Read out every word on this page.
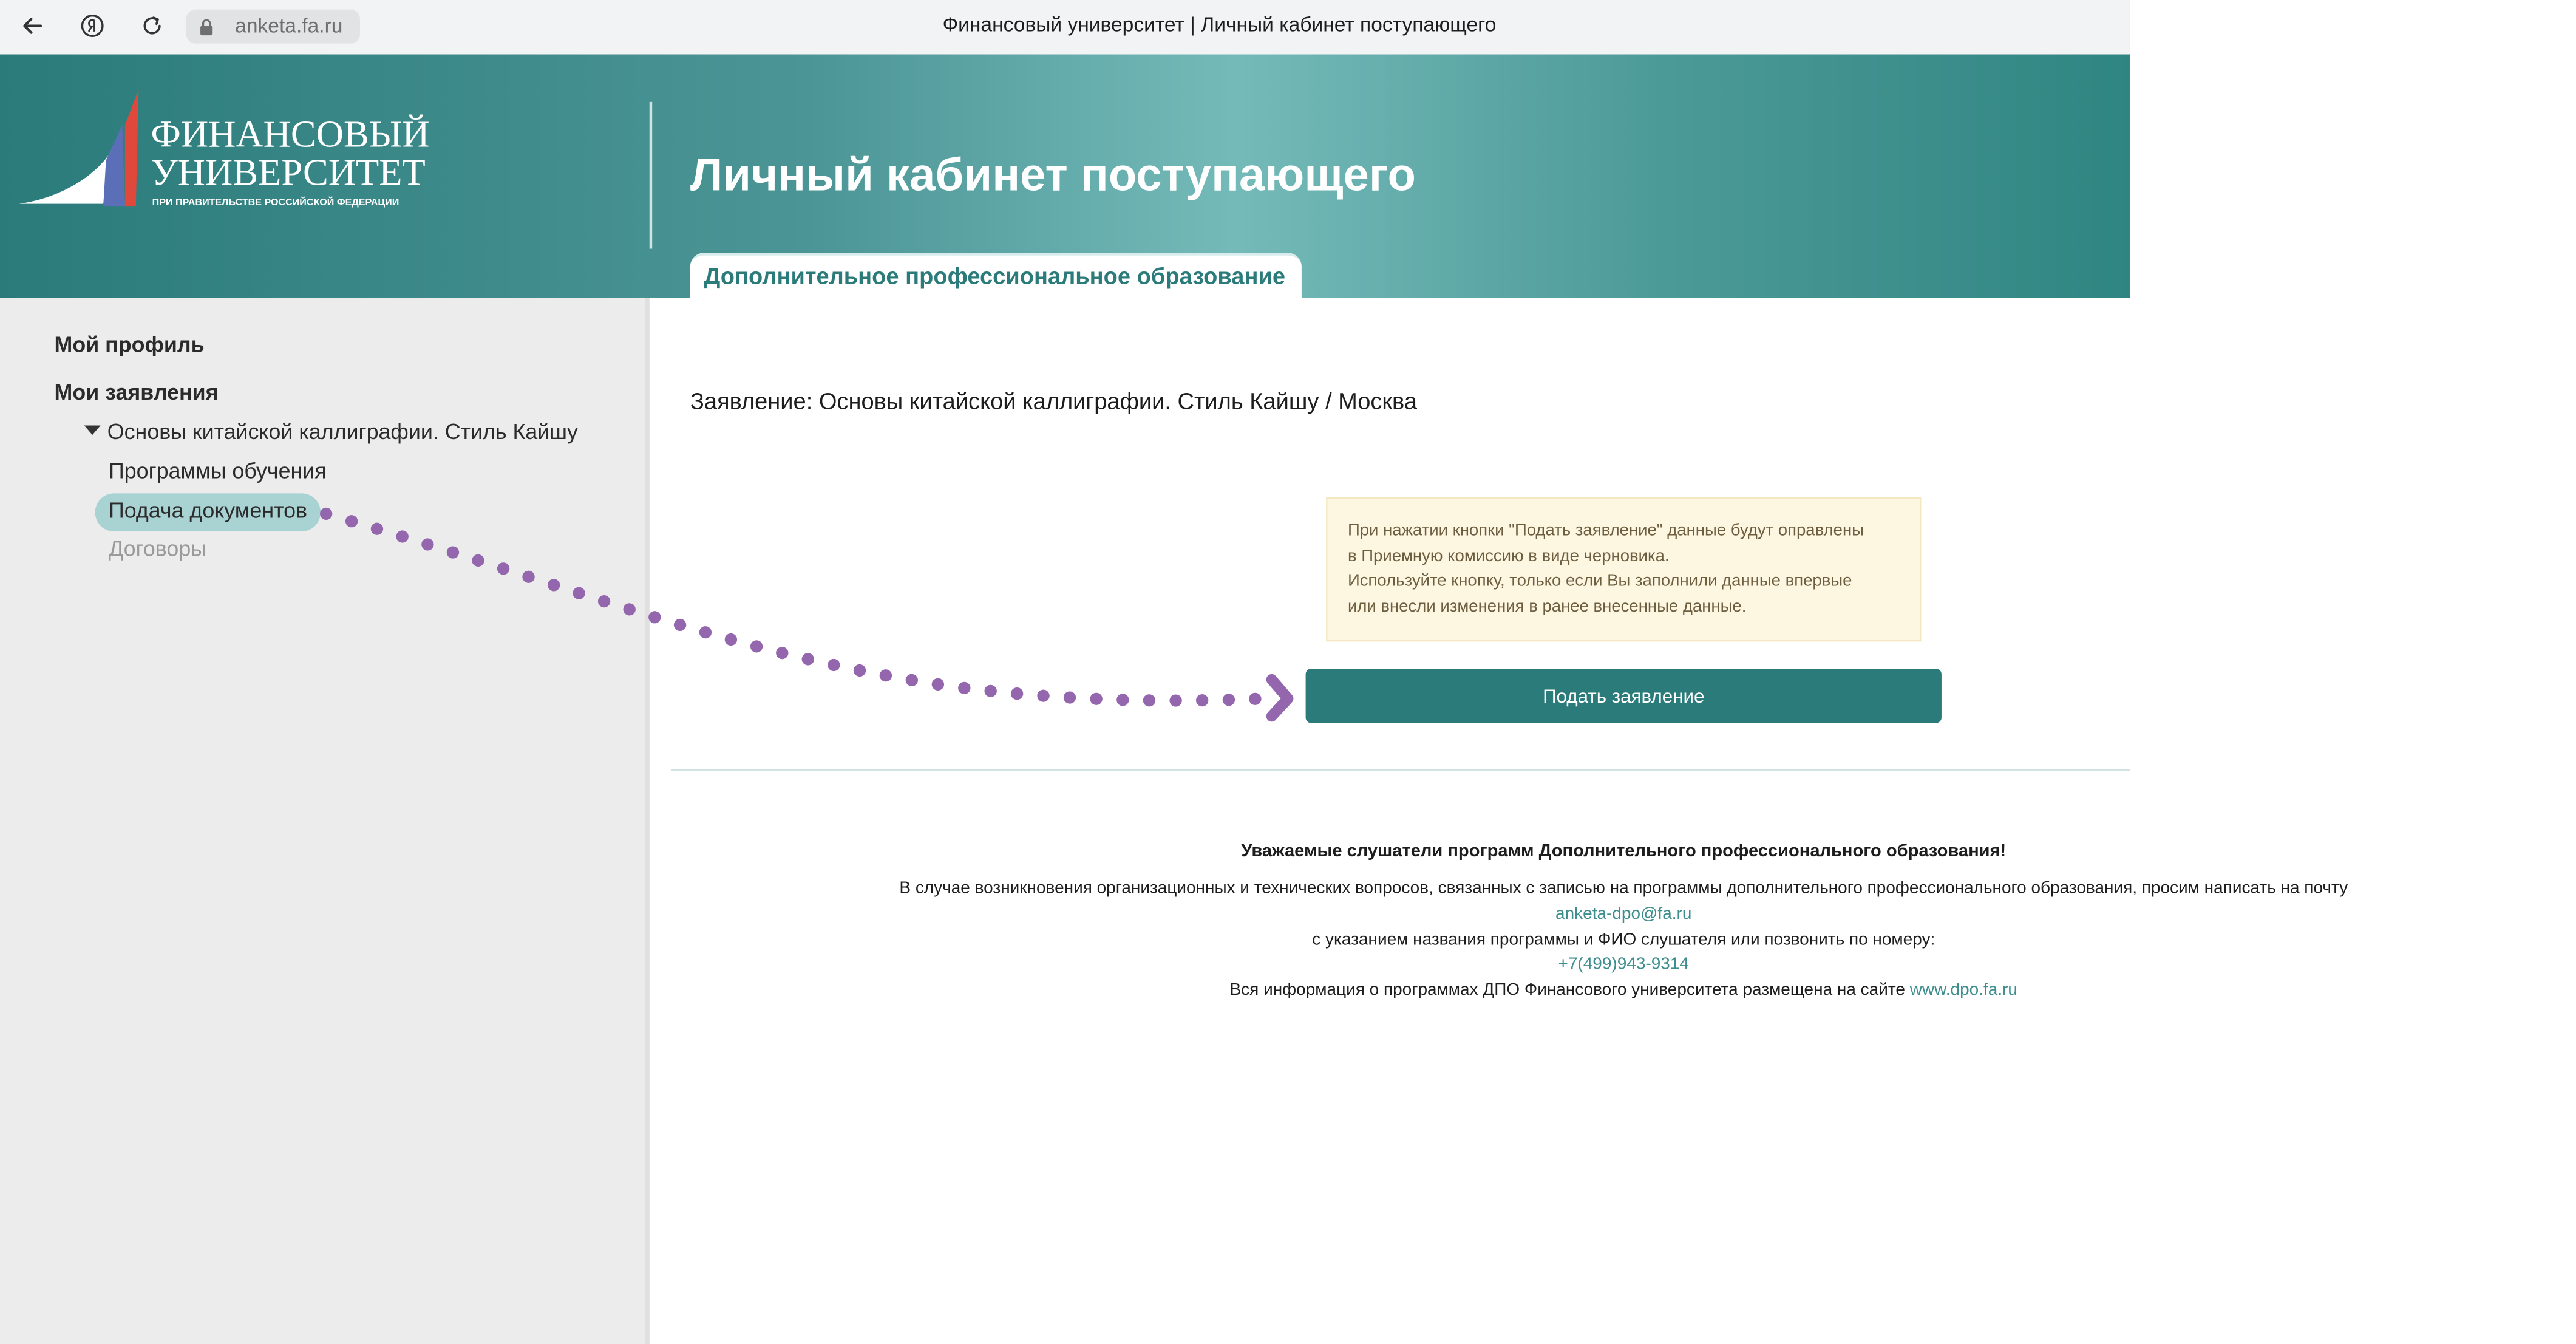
anketa.fa.ru	Финансовый университет | Личный кабинет поступающего
ФИНАНСОВЫЙ
УНИВЕРСИТЕТ
ПРИ ПРАВИТЕЛЬСТВЕ РОССИЙСКОЙ ФЕДЕРАЦИИ
Личный кабинет поступающего
Дополнительное профессиональное образование
Мой профиль
Мои заявления
Основы китайской каллиграфии. Стиль Кайшу
Программы обучения
Подача документов
Договоры
Заявление: Основы китайской каллиграфии. Стиль Кайшу / Москва
При нажатии кнопки "Подать заявление" данные будут оправлены
в Приемную комиссию в виде черновика.
Используйте кнопку, только если Вы заполнили данные впервые
или внесли изменения в ранее внесенные данные.
Подать заявление
Уважаемые слушатели программ Дополнительного профессионального образования!
В случае возникновения организационных и технических вопросов, связанных с записью на программы дополнительного профессионального образования, просим написать на почту
anketa-dpo@fa.ru
с указанием названия программы и ФИО слушателя или позвонить по номеру:
+7(499)943-9314
Вся информация о программах ДПО Финансового университета размещена на сайте www.dpo.fa.ru
